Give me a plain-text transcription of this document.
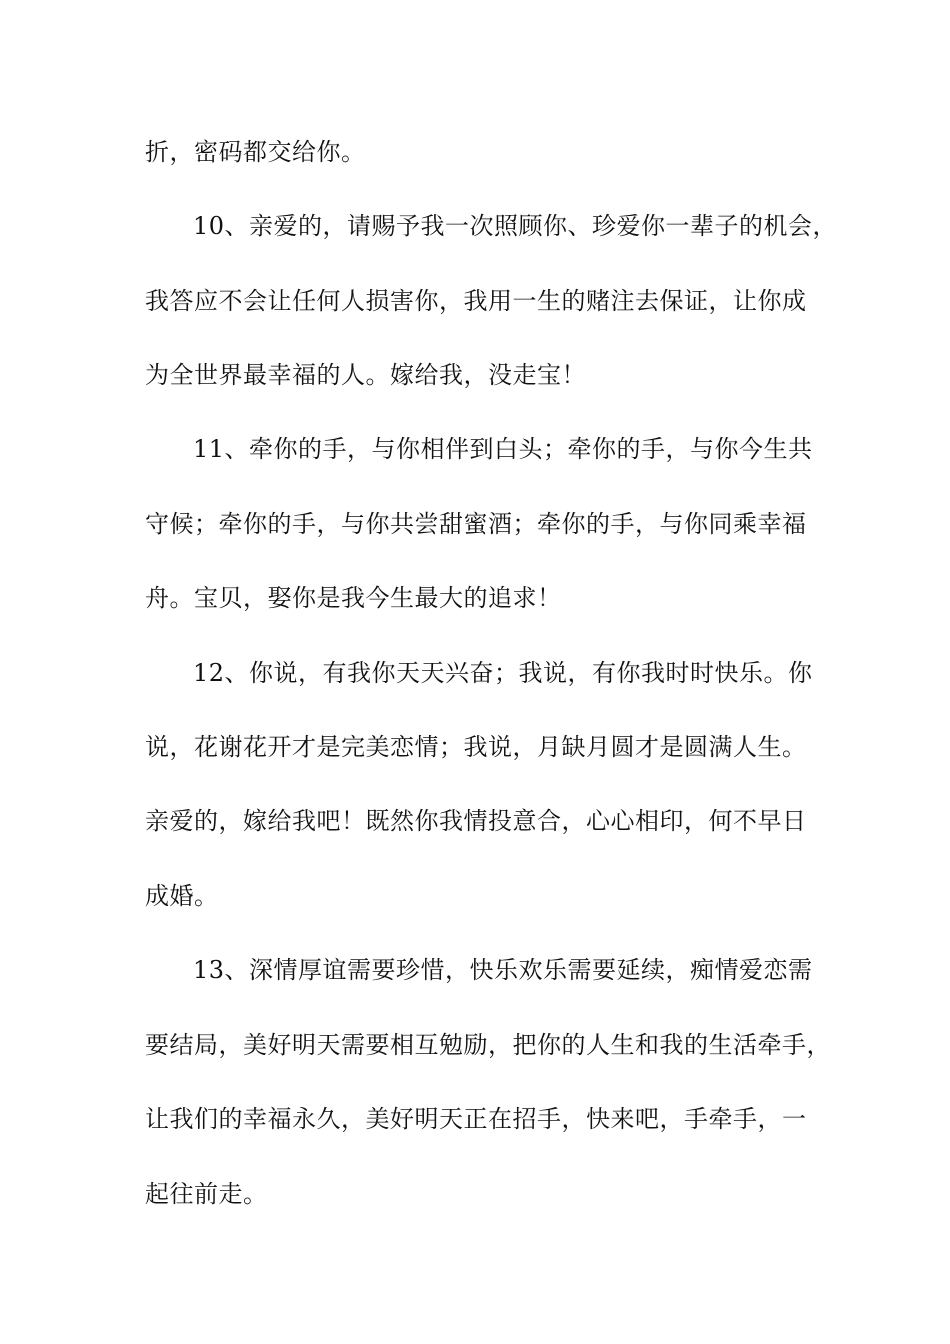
折，密码都交给你。
10、亲爱的，请赐予我一次照顾你、珍爱你一辈子的机会，
我答应不会让任何人损害你，我用一生的赌注去保证，让你成
为全世界最幸福的人。嫁给我，没走宝！
11、牵你的手，与你相伴到白头；牵你的手，与你今生共
守候；牵你的手，与你共尝甜蜜酒；牵你的手，与你同乘幸福
舟。宝贝，娶你是我今生最大的追求！
12、你说，有我你天天兴奋；我说，有你我时时快乐。你
说，花谢花开才是完美恋情；我说，月缺月圆才是圆满人生。
亲爱的，嫁给我吧！既然你我情投意合，心心相印，何不早日
成婚。
13、深情厚谊需要珍惜，快乐欢乐需要延续，痴情爱恋需
要结局，美好明天需要相互勉励，把你的人生和我的生活牵手，
让我们的幸福永久，美好明天正在招手，快来吧，手牵手，一
起往前走。
